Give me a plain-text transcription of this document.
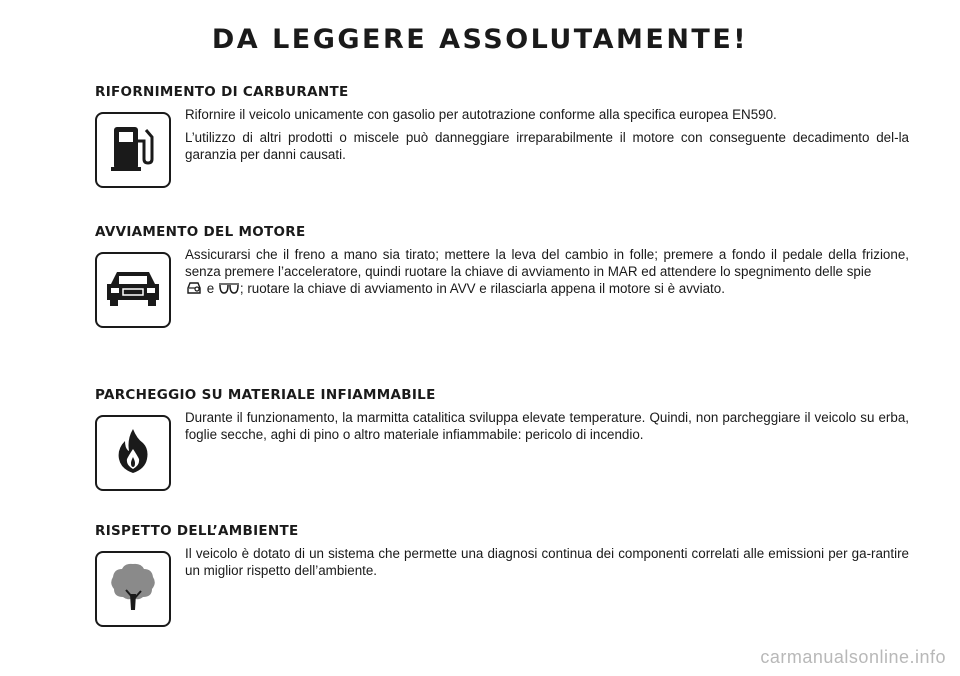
DA LEGGERE ASSOLUTAMENTE!
RIFORNIMENTO DI CARBURANTE

Rifornire il veicolo unicamente con gasolio per autotrazione conforme alla specifica europea EN590.

L’utilizzo di altri prodotti o miscele può danneggiare irreparabilmente il motore con conseguente decadimento del-la garanzia per danni causati.

AVVIAMENTO DEL MOTORE

Assicurarsi che il freno a mano sia tirato; mettere la leva del cambio in folle; premere a fondo il pedale della frizione, senza premere l’acceleratore, quindi ruotare la chiave di avviamento in MAR ed attendere lo spegnimento delle spie
e ; ruotare la chiave di avviamento in AVV e rilasciarla appena il motore si è avviato.

PARCHEGGIO SU MATERIALE INFIAMMABILE

Durante il funzionamento, la marmitta catalitica sviluppa elevate temperature. Quindi, non parcheggiare il veicolo su erba, foglie secche, aghi di pino o altro materiale infiammabile: pericolo di incendio.

RISPETTO DELL’AMBIENTE

Il veicolo è dotato di un sistema che permette una diagnosi continua dei componenti correlati alle emissioni per ga-rantire un miglior rispetto dell’ambiente.

carmanualsonline.info
